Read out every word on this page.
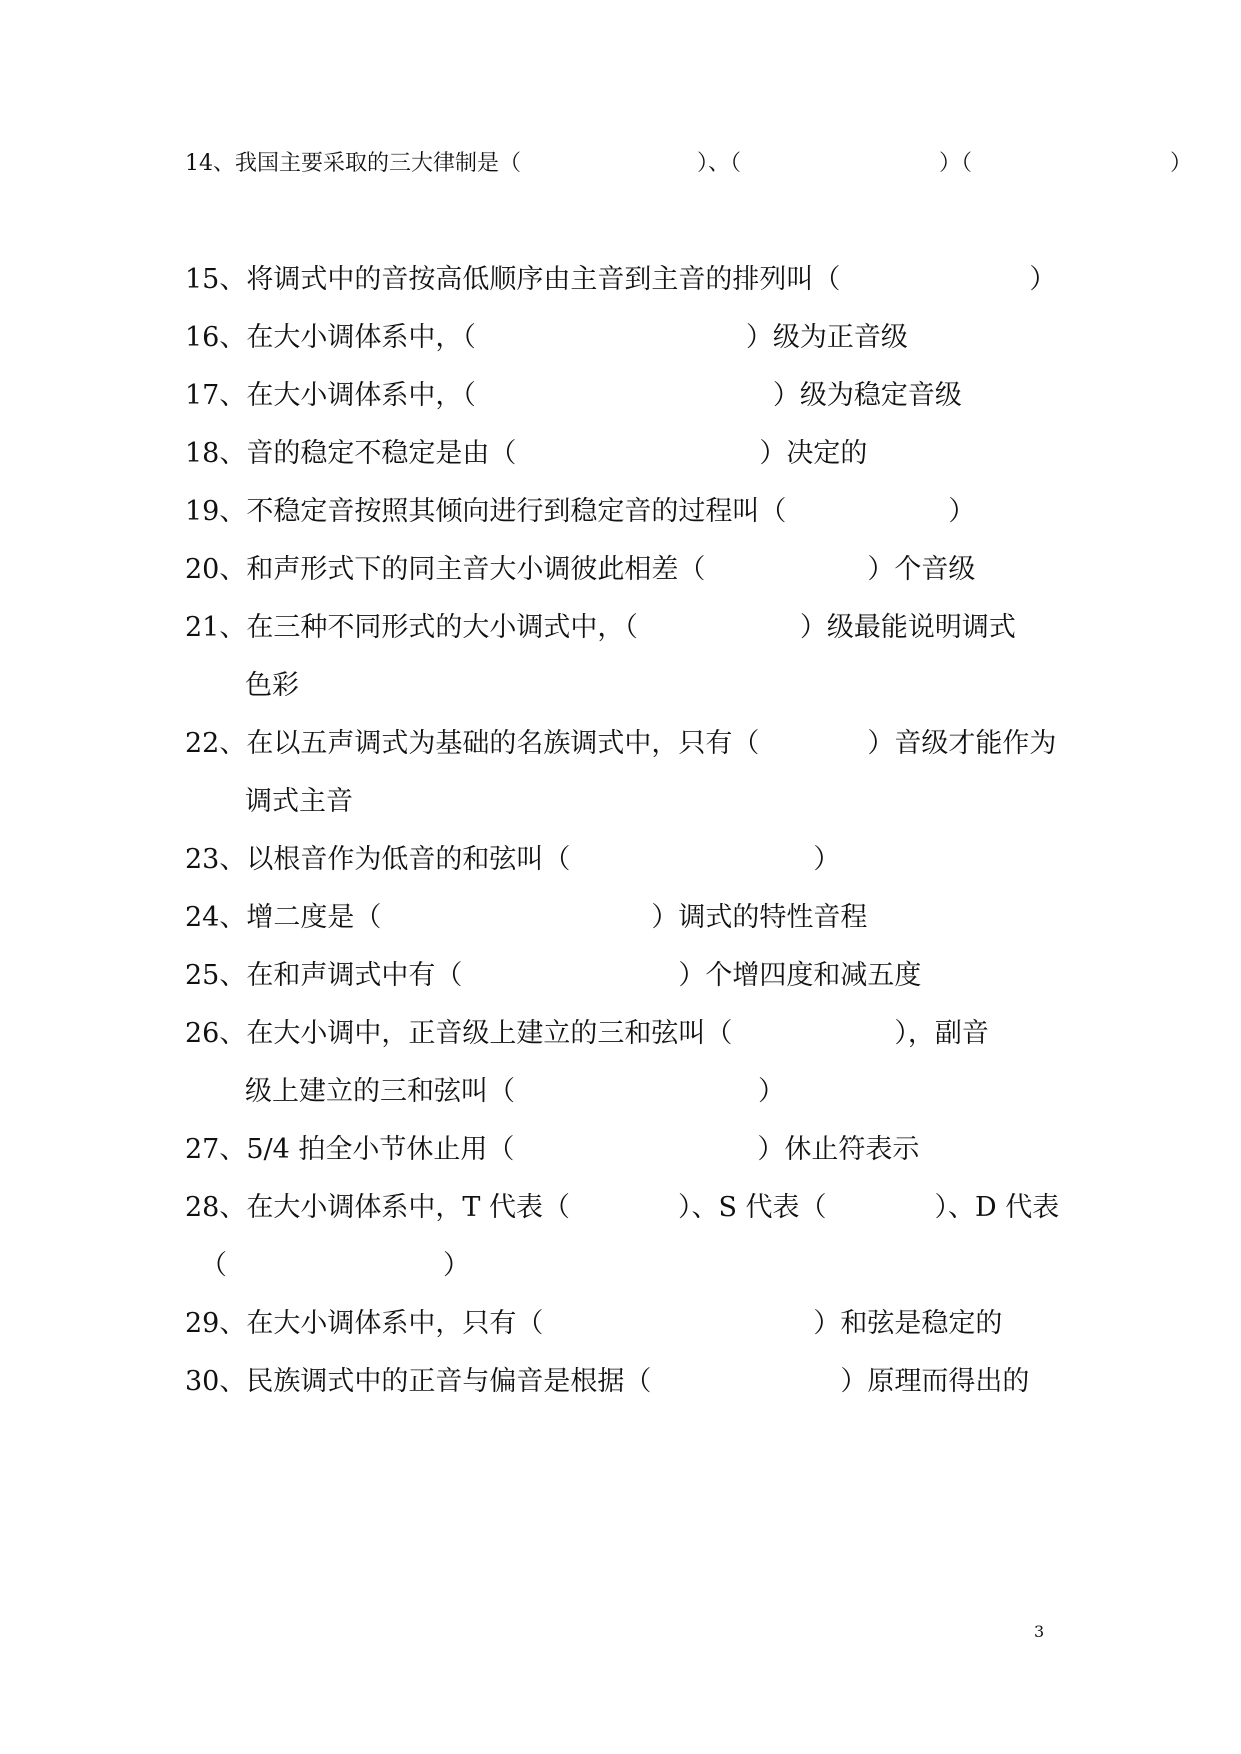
14、我国主要采取的三大律制是（　　　　　　　　）、（　　　　　　　　　）（　　　　　　　　　）
15、将调式中的音按高低顺序由主音到主音的排列叫（　　　　　　　）
16、在大小调体系中，（　　　　　　　　　　）级为正音级
17、在大小调体系中，（　　　　　　　　　　　）级为稳定音级
18、音的稳定不稳定是由（　　　　　　　　　）决定的
19、不稳定音按照其倾向进行到稳定音的过程叫（　　　　　　）
20、和声形式下的同主音大小调彼此相差（　　　　　　）个音级
21、在三种不同形式的大小调式中，（　　　　　　）级最能说明调式
色彩
22、在以五声调式为基础的名族调式中，只有（　　　　）音级才能作为
调式主音
23、以根音作为低音的和弦叫（　　　　　　　　　）
24、增二度是（　　　　　　　　　　）调式的特性音程
25、在和声调式中有（　　　　　　　　）个增四度和减五度
26、在大小调中，正音级上建立的三和弦叫（　　　　　　），副音
级上建立的三和弦叫（　　　　　　　　　）
27、5/4 拍全小节休止用（　　　　　　　　　）休止符表示
28、在大小调体系中，T 代表（　　　　）、S 代表（　　　　）、D 代表
（　　　　　　　　）
29、在大小调体系中，只有（　　　　　　　　　　）和弦是稳定的
30、民族调式中的正音与偏音是根据（　　　　　　　）原理而得出的
3
